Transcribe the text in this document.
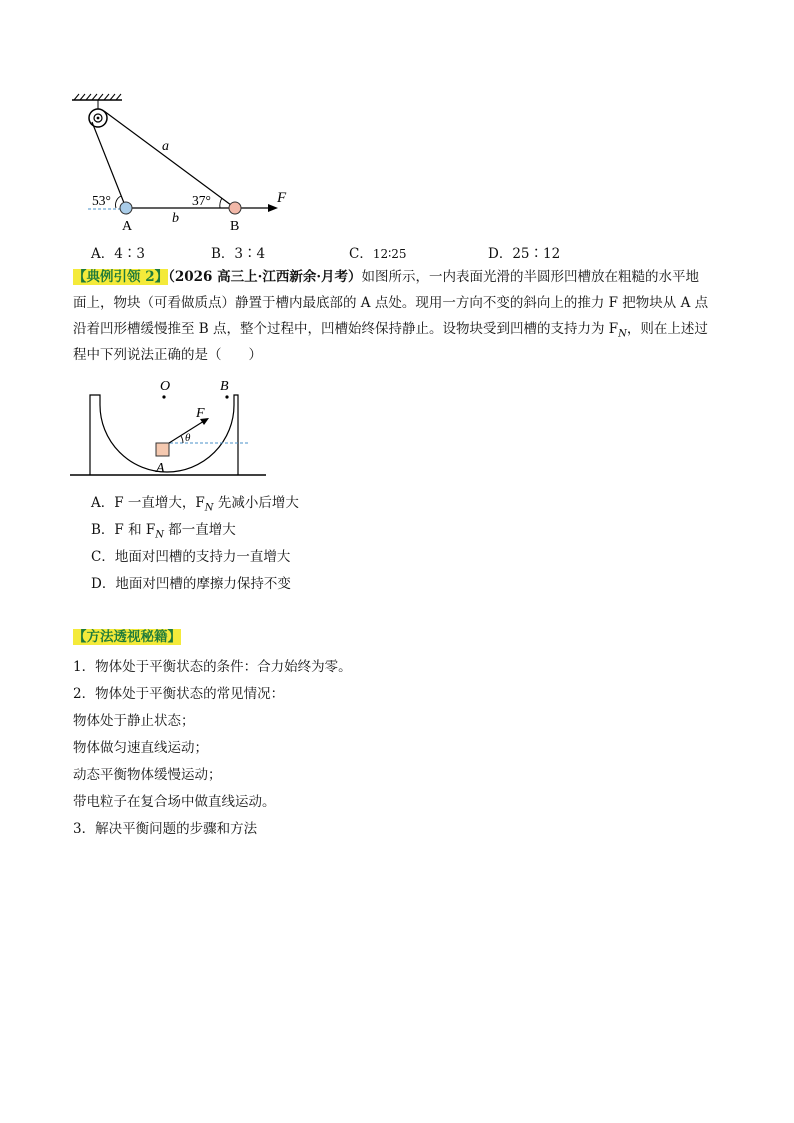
a
b
F
53°	37°
A	B
A．4∶3	B．3∶4	C．12∶25	D．25∶12
【典例引领 2】（2026 高三上·江西新余·月考）如图所示，一内表面光滑的半圆形凹槽放在粗糙的水平地
面上，物块（可看做质点）静置于槽内最底部的 A 点处。现用一方向不变的斜向上的推力 F 把物块从 A 点
沿着凹形槽缓慢推至 B 点，整个过程中，凹槽始终保持静止。设物块受到凹槽的支持力为 $F_N$，则在上述过
程中下列说法正确的是（　　）
O	B
F
θ
A
A．F 一直增大，$F_N$ 先减小后增大
B．F 和 $F_N$ 都一直增大
C．地面对凹槽的支持力一直增大
D．地面对凹槽的摩擦力保持不变
【方法透视秘籍】
1．物体处于平衡状态的条件：合力始终为零。
2．物体处于平衡状态的常见情况：
物体处于静止状态；
物体做匀速直线运动；
动态平衡物体缓慢运动；
带电粒子在复合场中做直线运动。
3．解决平衡问题的步骤和方法
